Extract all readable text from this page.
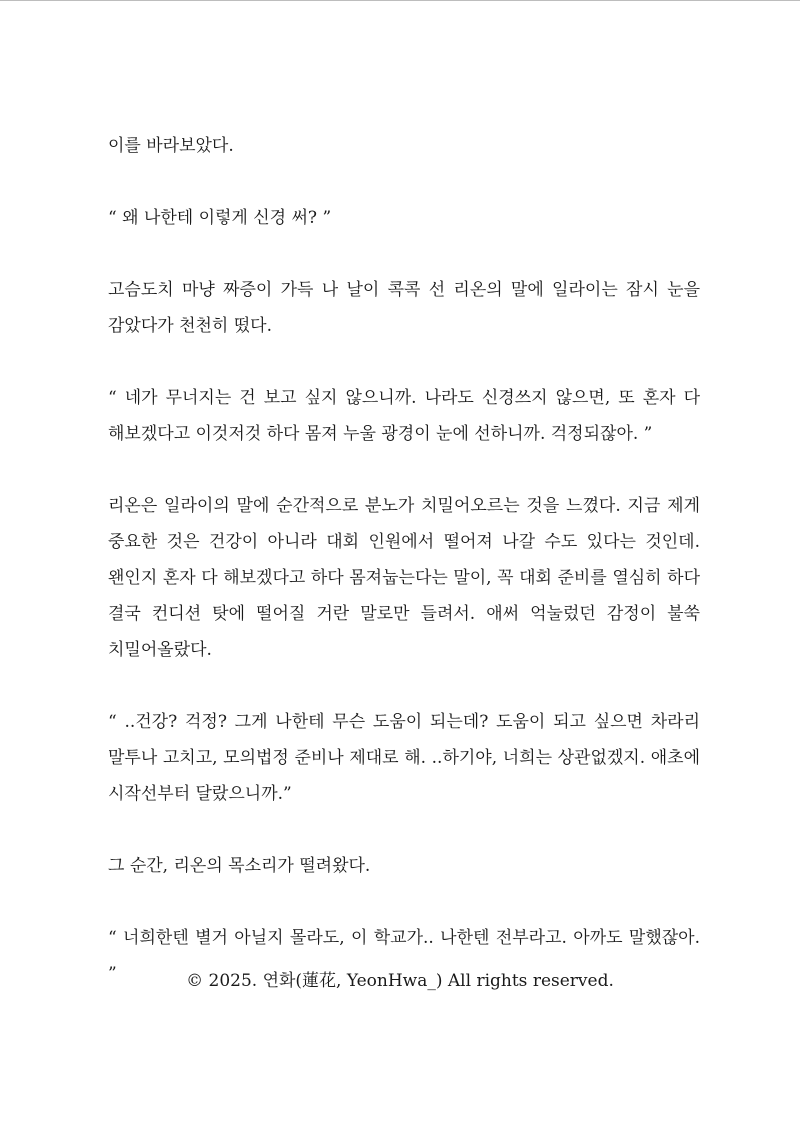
이를 바라보았다.

“ 왜 나한테 이렇게 신경 써? ”

고슴도치 마냥 짜증이 가득 나 날이 콕콕 선 리온의 말에 일라이는 잠시 눈을 감았다가 천천히 떴다.

“ 네가 무너지는 건 보고 싶지 않으니까. 나라도 신경쓰지 않으면, 또 혼자 다 해보겠다고 이것저것 하다 몸져 누울 광경이 눈에 선하니까. 걱정되잖아. ”

리온은 일라이의 말에 순간적으로 분노가 치밀어오르는 것을 느꼈다. 지금 제게 중요한 것은 건강이 아니라 대회 인원에서 떨어져 나갈 수도 있다는 것인데. 왠인지 혼자 다 해보겠다고 하다 몸져눕는다는 말이, 꼭 대회 준비를 열심히 하다 결국 컨디션 탓에 떨어질 거란 말로만 들려서. 애써 억눌렀던 감정이 불쑥 치밀어올랐다.

“ ..건강? 걱정? 그게 나한테 무슨 도움이 되는데? 도움이 되고 싶으면 차라리 말투나 고치고, 모의법정 준비나 제대로 해. ..하기야, 너희는 상관없겠지. 애초에 시작선부터 달랐으니까.”

그 순간, 리온의 목소리가 떨려왔다.

“ 너희한텐 별거 아닐지 몰라도, 이 학교가.. 나한텐 전부라고. 아까도 말했잖아. ”	© 2025. 연화(蓮花, YeonHwa_) All rights reserved.
